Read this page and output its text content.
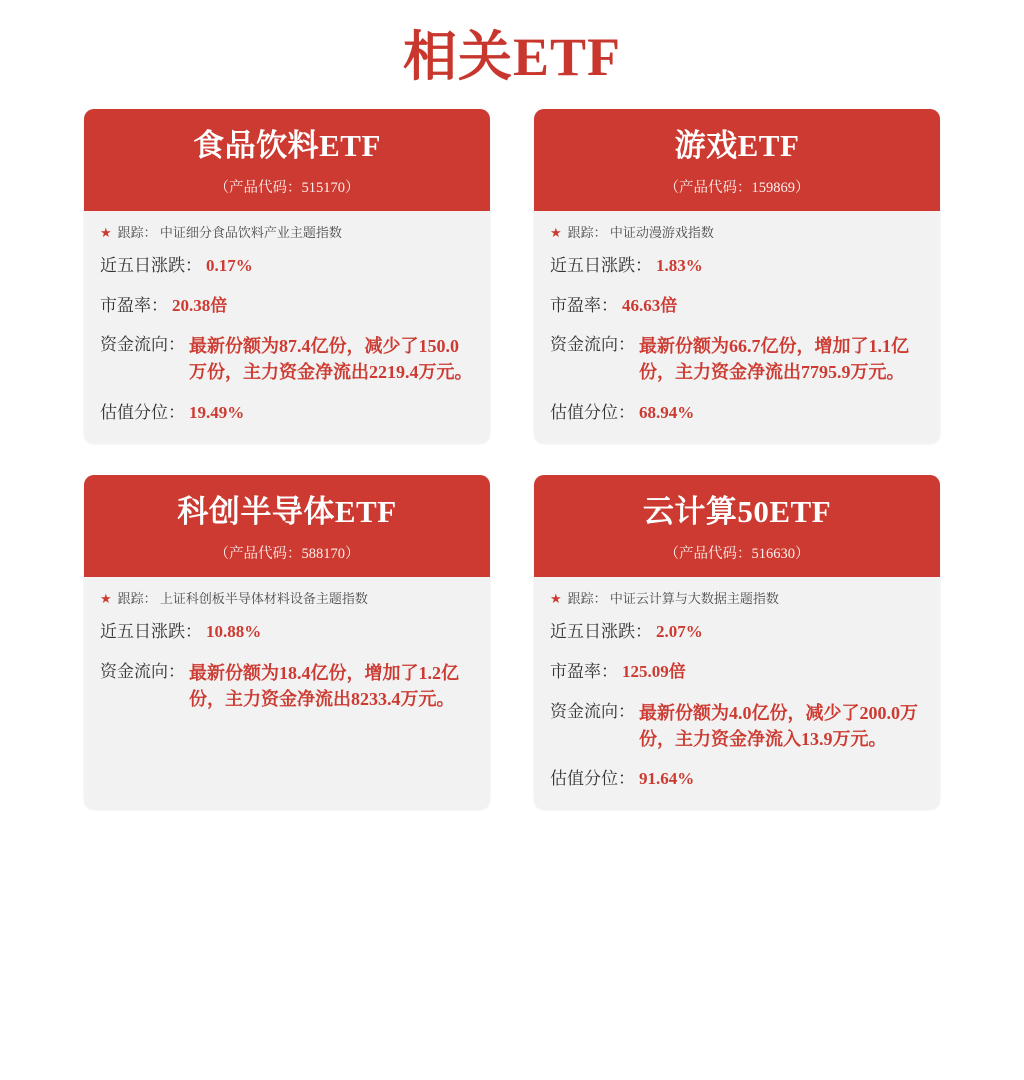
相关ETF
食品饮料ETF
（产品代码：515170）
★ 跟踪： 中证细分食品饮料产业主题指数
近五日涨跌： 0.17%
市盈率： 20.38倍
资金流向： 最新份额为87.4亿份，减少了150.0万份，主力资金净流出2219.4万元。
估值分位： 19.49%
游戏ETF
（产品代码：159869）
★ 跟踪： 中证动漫游戏指数
近五日涨跌： 1.83%
市盈率： 46.63倍
资金流向： 最新份额为66.7亿份，增加了1.1亿份，主力资金净流出7795.9万元。
估值分位： 68.94%
科创半导体ETF
（产品代码：588170）
★ 跟踪： 上证科创板半导体材料设备主题指数
近五日涨跌： 10.88%
资金流向： 最新份额为18.4亿份，增加了1.2亿份，主力资金净流出8233.4万元。
云计算50ETF
（产品代码：516630）
★ 跟踪： 中证云计算与大数据主题指数
近五日涨跌： 2.07%
市盈率： 125.09倍
资金流向： 最新份额为4.0亿份，减少了200.0万份，主力资金净流入13.9万元。
估值分位： 91.64%
